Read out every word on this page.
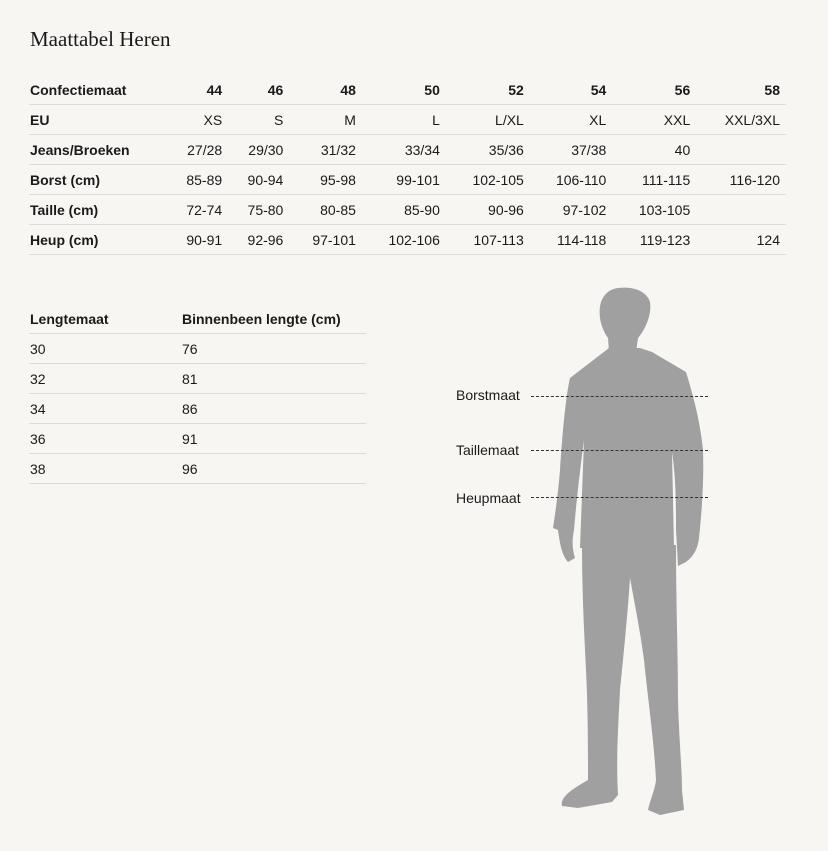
Maattabel Heren
Confectiemaat	44	46	48	50	52	54	56	58
EU	XS	S	M	L	L/XL	XL	XXL	XXL/3XL
Jeans/Broeken	27/28	29/30	31/32	33/34	35/36	37/38	40	
Borst (cm)	85-89	90-94	95-98	99-101	102-105	106-110	111-115	116-120
Taille (cm)	72-74	75-80	80-85	85-90	90-96	97-102	103-105	
Heup (cm)	90-91	92-96	97-101	102-106	107-113	114-118	119-123	124
Lengtemaat	Binnenbeen lengte (cm)
30	76
32	81
34	86
36	91
38	96
Borstmaat
Taillemaat
Heupmaat
